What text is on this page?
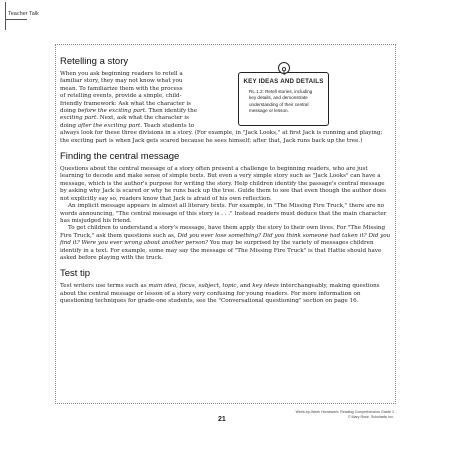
Teacher Talk
Retelling a story

When you ask beginning readers to retell a
familiar story, they may not know what you
mean. To familiarize them with the process
of retelling events, provide a simple, child-
friendly framework: Ask what the character is
doing before the exciting part. Then identify the
exciting part. Next, ask what the character is
doing after the exciting part. Teach students to
always look for these three divisions in a story. (For example, in "Jack Looks," at first Jack is running and playing; the exciting part is when Jack gets scared because he sees himself; after that, Jack runs back up the tree.)

Finding the central message

Questions about the central message of a story often present a challenge to beginning readers, who are just learning to decode and make sense of simple texts. But even a very simple story such as "Jack Looks" can have a message, which is the author's purpose for writing the story. Help children identify the passage's central message by asking why Jack is scared or why he runs back up the tree. Guide them to see that even though the author does not explicitly say so, readers know that Jack is afraid of his own reflection.

An implicit message appears in almost all literary texts. For example, in "The Missing Fire Truck," there are no words announcing, "The central message of this story is . . ." Instead readers must deduce that the main character has misjudged his friend.

To get children to understand a story's message, have them apply the story to their own lives. For "The Missing Fire Truck," ask them questions such as, Did you ever lose something? Did you think someone had taken it? Did you find it? Were you ever wrong about another person? You may be surprised by the variety of messages children identify in a text. For example, some may say the message of "The Missing Fire Truck" is that Hattie should have asked before playing with the truck.

Test tip

Test writers use terms such as main idea, focus, subject, topic, and key ideas interchangeably, making questions about the central message or lesson of a story very confusing for young readers. For more information on questioning techniques for grade-one students, see the "Conversational questioning" section on page 16.

KEY IDEAS AND DETAILS
RL.1.2: Retell stories, including
key details, and demonstrate
understanding of their central
message or lesson.
21
Week-by-Week Homework: Reading Comprehension Grade 1
© Mary Rose, Scholastic Inc.
